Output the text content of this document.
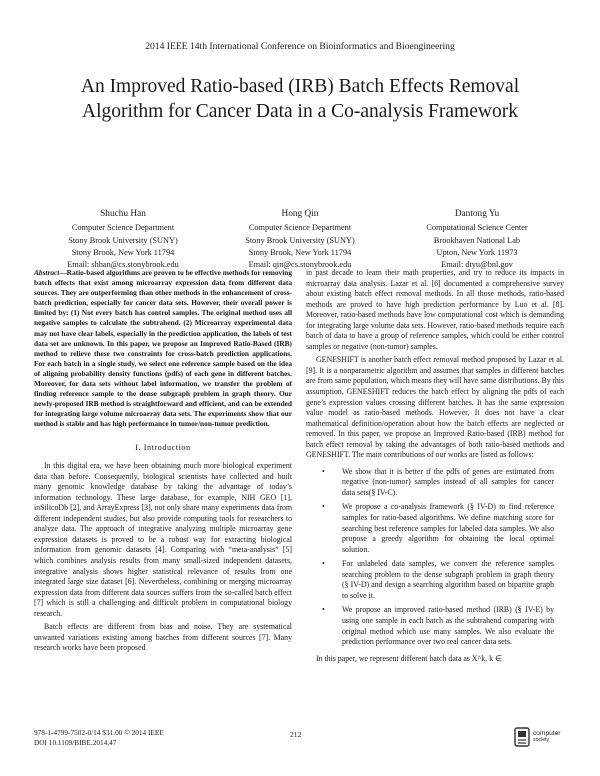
2014 IEEE 14th International Conference on Bioinformatics and Bioengineering
An Improved Ratio-based (IRB) Batch Effects Removal Algorithm for Cancer Data in a Co-analysis Framework
Shuchu Han
Computer Science Department
Stony Brook University (SUNY)
Stony Brook, New York 11794
Email: shhan@cs.stonybrook.edu
Hong Qin
Computer Science Department
Stony Brook University (SUNY)
Stony Brook, New York 11794
Email: qin@cs.stonybrook.edu
Dantong Yu
Computational Science Center
Brookhaven National Lab
Upton, New York 11973
Email: dtyu@bnl.gov

Abstract—Ratio-based algorithms are proven to be effective methods for removing batch effects that exist among microarray expression data from different data sources. They are outperforming than other methods in the enhancement of cross-batch prediction, especially for cancer data sets. However, their overall power is limited by: (1) Not every batch has control samples. The original method uses all negative samples to calculate the subtrahend. (2) Microarray experimental data may not have clear labels, especially in the prediction application, the labels of test data set are unknown. In this paper, we propose an Improved Ratio-Based (IRB) method to relieve these two constraints for cross-batch prediction applications. For each batch in a single study, we select one reference sample based on the idea of aligning probability density functions (pdfs) of each gene in different batches. Moreover, for data sets without label information, we transfer the problem of finding reference sample to the dense subgraph problem in graph theory. Our newly-proposed IRB method is straightforward and efficient, and can be extended for integrating large volume microarray data sets. The experiments show that our method is stable and has high performance in tumor/non-tumor prediction.

I. Introduction

In this digital era, we have been obtaining much more biological experiment data than before. Consequently, biological scientists have collected and built many genomic knowledge database by taking the advantage of today’s information technology. These large database, for example, NIH GEO [1], inSilicoDb [2], and ArrayExpress [3], not only share many experiments data from different independent studies, but also provide computing tools for researchers to analyze data. The approach of integrative analyzing multiple microarray gene expression datasets is proved to be a robust way for extracting biological information from genomic datasets [4]. Comparing with “meta-analysis” [5] which combines analysis results from many small-sized independent datasets, integrative analysis shows higher statistical relevance of results from one integrated large size dataset [6]. Nevertheless, combining or merging microarray expression data from different data sources suffers from the so-called batch effect [7] which is still a challenging and difficult problem in computational biology research.

Batch effects are different from bias and noise. They are systematical unwanted variations existing among batches from different sources [7]. Many research works have been proposed

in past decade to learn their math properties, and try to reduce its impacts in microarray data analysis. Lazar et al. [6] documented a comprehensive survey about existing batch effect removal methods. In all those methods, ratio-based methods are proved to have high prediction performance by Luo et al. [8]. Moreover, ratio-based methods have low computational cost which is demanding for integrating large volume data sets. However, ratio-based methods require each batch of data to have a group of reference samples, which could be either control samples or negative (non-tumor) samples.

GENESHIFT is another batch effect removal method proposed by Lazar et al.[9]. It is a nonparametric algorithm and assumes that samples in different batches are from same population, which means they will have same distributions. By this assumption, GENESHIFT reduces the batch effect by aligning the pdfs of each gene’s expression values crossing different batches. It has the same expression value model as ratio-based methods. However, It does not have a clear mathematical definition/operation about how the batch effects are neglected or removed. In this paper, we propose an Improved Ratio-based (IRB) method for batch effect removal by taking the advantages of both ratio-based methods and GENESHIFT. The main contributions of our works are listed as follows:

• We show that it is better if the pdfs of genes are estimated from negative (non-tumor) samples instead of all samples for cancer data sets(§ IV-C).
• We propose a co-analysis framework (§ IV-D) to find reference samples for ratio-based algorithms. We define matching score for searching best reference samples for labeled data samples. We also propose a greedy algorithm for obtaining the local optimal solution.
• For unlabeled data samples, we convert the reference samples searching problem to the dense subgraph problem in graph theory (§ IV-D) and design a searching algorithm based on bipartite graph to solve it.
• We propose an improved ratio-based method (IRB) (§ IV-E) by using one sample in each batch as the subtrahend comparing with original method which use many samples. We also evaluate the prediction performance over two real cancer data sets.

In this paper, we represent different batch data as X^k, k ∈

978-1-4799-7502-0/14 $31.00 © 2014 IEEE
DOI 10.1109/BIBE.2014.47
212	computer
society
